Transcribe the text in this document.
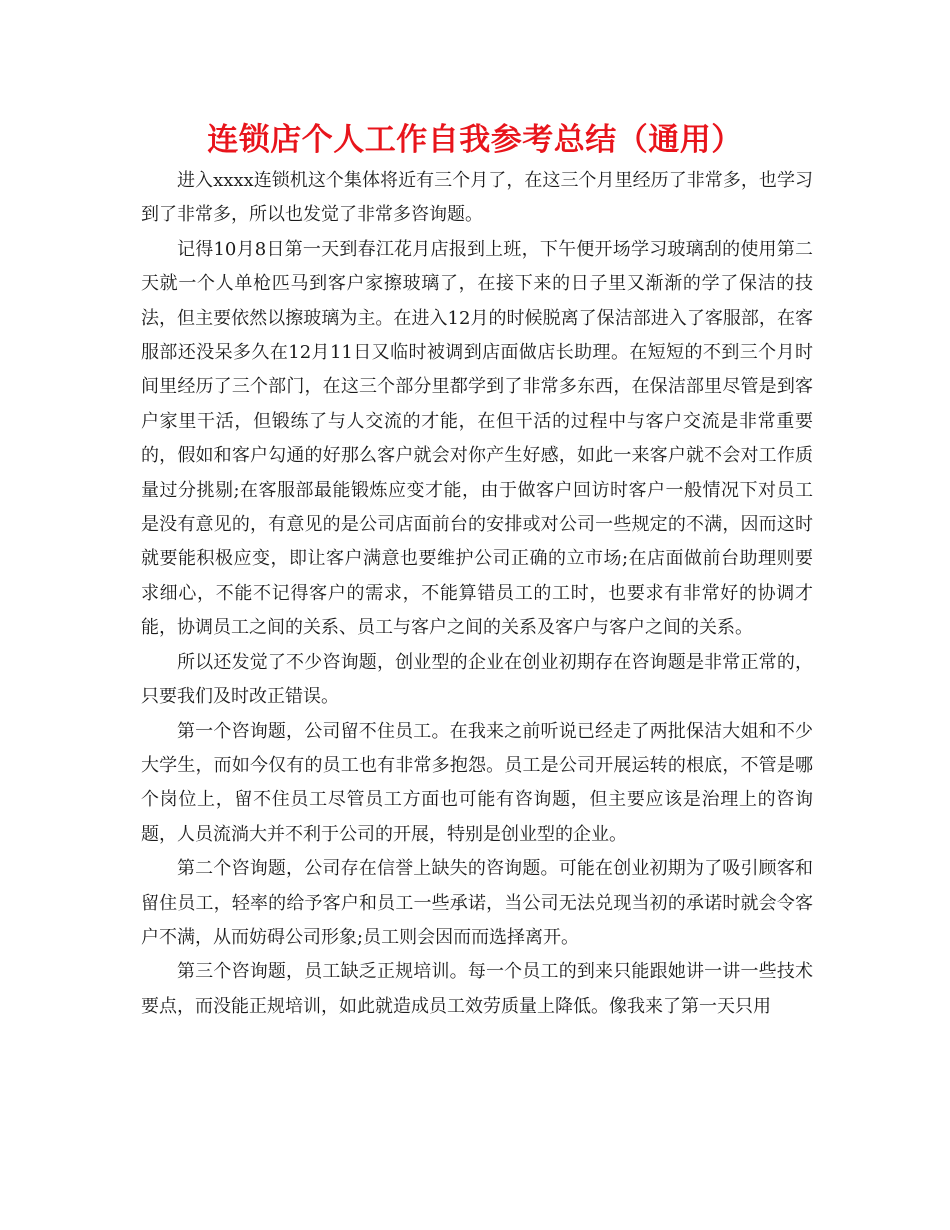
连锁店个人工作自我参考总结（通用）

进入xxxx连锁机这个集体将近有三个月了，在这三个月里经历了非常多，也学习到了非常多，所以也发觉了非常多咨询题。

记得10月8日第一天到春江花月店报到上班，下午便开场学习玻璃刮的使用第二天就一个人单枪匹马到客户家擦玻璃了，在接下来的日子里又渐渐的学了保洁的技法，但主要依然以擦玻璃为主。在进入12月的时候脱离了保洁部进入了客服部，在客服部还没呆多久在12月11日又临时被调到店面做店长助理。在短短的不到三个月时间里经历了三个部门，在这三个部分里都学到了非常多东西，在保洁部里尽管是到客户家里干活，但锻练了与人交流的才能，在但干活的过程中与客户交流是非常重要的，假如和客户勾通的好那么客户就会对你产生好感，如此一来客户就不会对工作质量过分挑剔;在客服部最能锻炼应变才能，由于做客户回访时客户一般情况下对员工是没有意见的，有意见的是公司店面前台的安排或对公司一些规定的不满，因而这时就要能积极应变，即让客户满意也要维护公司正确的立市场;在店面做前台助理则要求细心，不能不记得客户的需求，不能算错员工的工时，也要求有非常好的协调才能，协调员工之间的关系、员工与客户之间的关系及客户与客户之间的关系。

所以还发觉了不少咨询题，创业型的企业在创业初期存在咨询题是非常正常的，只要我们及时改正错误。

第一个咨询题，公司留不住员工。在我来之前听说已经走了两批保洁大姐和不少大学生，而如今仅有的员工也有非常多抱怨。员工是公司开展运转的根底，不管是哪个岗位上，留不住员工尽管员工方面也可能有咨询题，但主要应该是治理上的咨询题，人员流淌大并不利于公司的开展，特别是创业型的企业。

第二个咨询题，公司存在信誉上缺失的咨询题。可能在创业初期为了吸引顾客和留住员工，轻率的给予客户和员工一些承诺，当公司无法兑现当初的承诺时就会令客户不满，从而妨碍公司形象;员工则会因而而选择离开。

第三个咨询题，员工缺乏正规培训。每一个员工的到来只能跟她讲一讲一些技术要点，而没能正规培训，如此就造成员工效劳质量上降低。像我来了第一天只用
